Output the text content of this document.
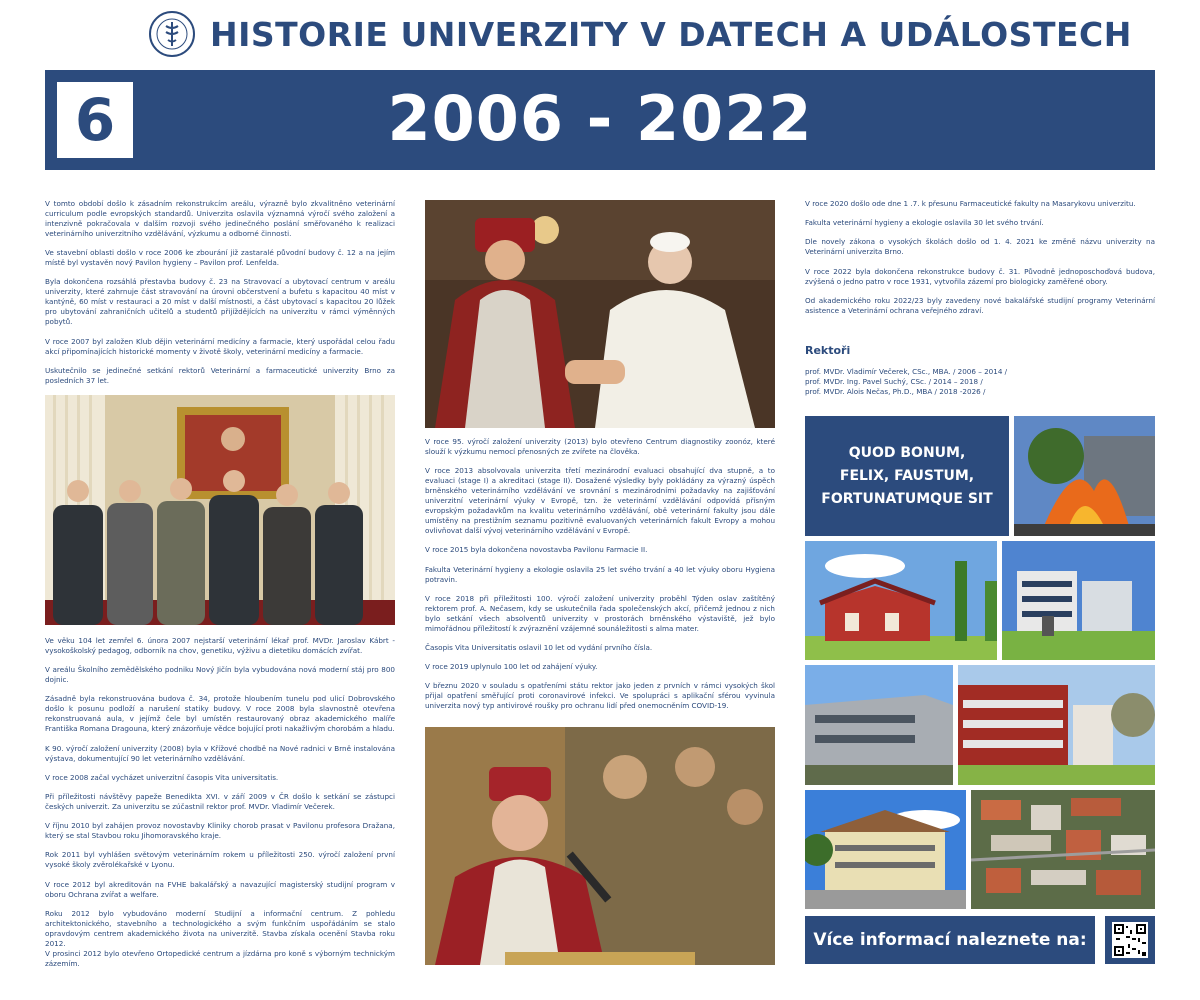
HISTORIE UNIVERZITY V DATECH A UDÁLOSTECH
6	2006 - 2022

V tomto období došlo k zásadním rekonstrukcím areálu, výrazně bylo zkvalitněno veterinární curriculum podle evropských standardů. Univerzita oslavila významná výročí svého založení a intenzivně pokračovala v dalším rozvoji svého jedinečného poslání směřovaného k realizaci veterinárního univerzitního vzdělávání, výzkumu a odborné činnosti.

Ve stavební oblasti došlo v roce 2006 ke zbourání již zastaralé původní budovy č. 12 a na jejím místě byl vystavěn nový Pavilon hygieny – Pavilon prof. Lenfelda.

Byla dokončena rozsáhlá přestavba budovy č. 23 na Stravovací a ubytovací centrum v areálu univerzity, které zahrnuje část stravování na úrovni občerstvení a bufetu s kapacitou 40 míst v kantýně, 60 míst v restauraci a 20 míst v další místnosti, a část ubytovací s kapacitou 20 lůžek pro ubytování zahraničních učitelů a studentů přijíždějících na univerzitu v rámci výměnných pobytů.

V roce 2007 byl založen Klub dějin veterinární medicíny a farmacie, který uspořádal celou řadu akcí připomínajících historické momenty v životě školy, veterinární medicíny a farmacie.

Uskutečnilo se jedinečné setkání rektorů Veterinární a farmaceutické univerzity Brno za posledních 37 let.

Ve věku 104 let zemřel 6. února 2007 nejstarší veterinární lékař prof. MVDr. Jaroslav Kábrt - vysokoškolský pedagog, odborník na chov, genetiku, výživu a dietetiku domácích zvířat.

V areálu Školního zemědělského podniku Nový Jičín byla vybudována nová moderní stáj pro 800 dojnic.

Zásadně byla rekonstruována budova č. 34, protože hloubením tunelu pod ulicí Dobrovského došlo k posunu podloží a narušení statiky budovy. V roce 2008 byla slavnostně otevřena rekonstruovaná aula, v jejímž čele byl umístěn restaurovaný obraz akademického malíře Františka Romana Dragouna, který znázorňuje vědce bojující proti nakažlivým chorobám a hladu.

K 90. výročí založení univerzity (2008) byla v Křížové chodbě na Nové radnici v Brně instalována výstava, dokumentující 90 let veterinárního vzdělávání.

V roce 2008 začal vycházet univerzitní časopis Vita universitatis.

Při příležitosti návštěvy papeže Benedikta XVI. v září 2009 v ČR došlo k setkání se zástupci českých univerzit. Za univerzitu se zúčastnil rektor prof. MVDr. Vladimír Večerek.

V říjnu 2010 byl zahájen provoz novostavby Kliniky chorob prasat v Pavilonu profesora Dražana, který se stal Stavbou roku Jihomoravského kraje.

Rok 2011 byl vyhlášen světovým veterinárním rokem u příležitosti 250. výročí založení první vysoké školy zvěrolékařské v Lyonu.

V roce 2012 byl akreditován na FVHE bakalářský a navazující magisterský studijní program v oboru Ochrana zvířat a welfare.

Roku 2012 bylo vybudováno moderní Studijní a informační centrum. Z pohledu architektonického, stavebního a technologického a svým funkčním uspořádáním se stalo opravdovým centrem akademického života na univerzitě. Stavba získala ocenění Stavba roku 2012.
V prosinci 2012 bylo otevřeno Ortopedické centrum a jízdárna pro koně s výborným technickým zázemím.

V roce 95. výročí založení univerzity (2013) bylo otevřeno Centrum diagnostiky zoonóz, které slouží k výzkumu nemocí přenosných ze zvířete na člověka.

V roce 2013 absolvovala univerzita třetí mezinárodní evaluaci obsahující dva stupně, a to evaluaci (stage I) a akreditaci (stage II). Dosažené výsledky byly pokládány za výrazný úspěch brněnského veterinárního vzdělávání ve srovnání s mezinárodními požadavky na zajišťování univerzitní veterinární výuky v Evropě, tzn. že veterinární vzdělávání odpovídá přísným evropským požadavkům na kvalitu veterinárního vzdělávání, obě veterinární fakulty jsou dále umístěny na prestižním seznamu pozitivně evaluovaných veterinárních fakult Evropy a mohou ovlivňovat další vývoj veterinárního vzdělávání v Evropě.

V roce 2015 byla dokončena novostavba Pavilonu Farmacie II.

Fakulta Veterinární hygieny a ekologie oslavila 25 let svého trvání a 40 let výuky oboru Hygiena potravin.

V roce 2018 při příležitosti 100. výročí založení univerzity proběhl Týden oslav zaštítěný rektorem prof. A. Nečasem, kdy se uskutečnila řada společenských akcí, přičemž jednou z nich bylo setkání všech absolventů univerzity v prostorách brněnského výstaviště, jež bylo mimořádnou příležitostí k zvýraznění vzájemné sounáležitosti s alma mater.

Časopis Vita Universitatis oslavil 10 let od vydání prvního čísla.

V roce 2019 uplynulo 100 let od zahájení výuky.

V březnu 2020 v souladu s opatřeními státu rektor jako jeden z prvních v rámci vysokých škol přijal opatření směřující proti coronavirové infekci. Ve spolupráci s aplikační sférou vyvinula univerzita nový typ antivirové roušky pro ochranu lidí před onemocněním COVID-19.

V roce 2020 došlo ode dne 1 .7. k přesunu Farmaceutické fakulty na Masarykovu univerzitu.

Fakulta veterinární hygieny a ekologie oslavila 30 let svého trvání.

Dle novely zákona o vysokých školách došlo od 1. 4. 2021 ke změně názvu univerzity na Veterinární univerzita Brno.

V roce 2022 byla dokončena rekonstrukce budovy č. 31. Původně jednoposchoďová budova, zvýšená o jedno patro v roce 1931, vytvořila zázemí pro biologicky zaměřené obory.

Od akademického roku 2022/23 byly zavedeny nové bakalářské studijní programy Veterinární asistence a Veterinární ochrana veřejného zdraví.

Rektoři
prof. MVDr. Vladimír Večerek, CSc., MBA. / 2006 – 2014 /
prof. MVDr. Ing. Pavel Suchý, CSc. / 2014 – 2018 /
prof. MVDr. Alois Nečas, Ph.D., MBA / 2018 -2026 /
QUOD BONUM,
FELIX, FAUSTUM,
FORTUNATUMQUE SIT
Více informací naleznete na:
